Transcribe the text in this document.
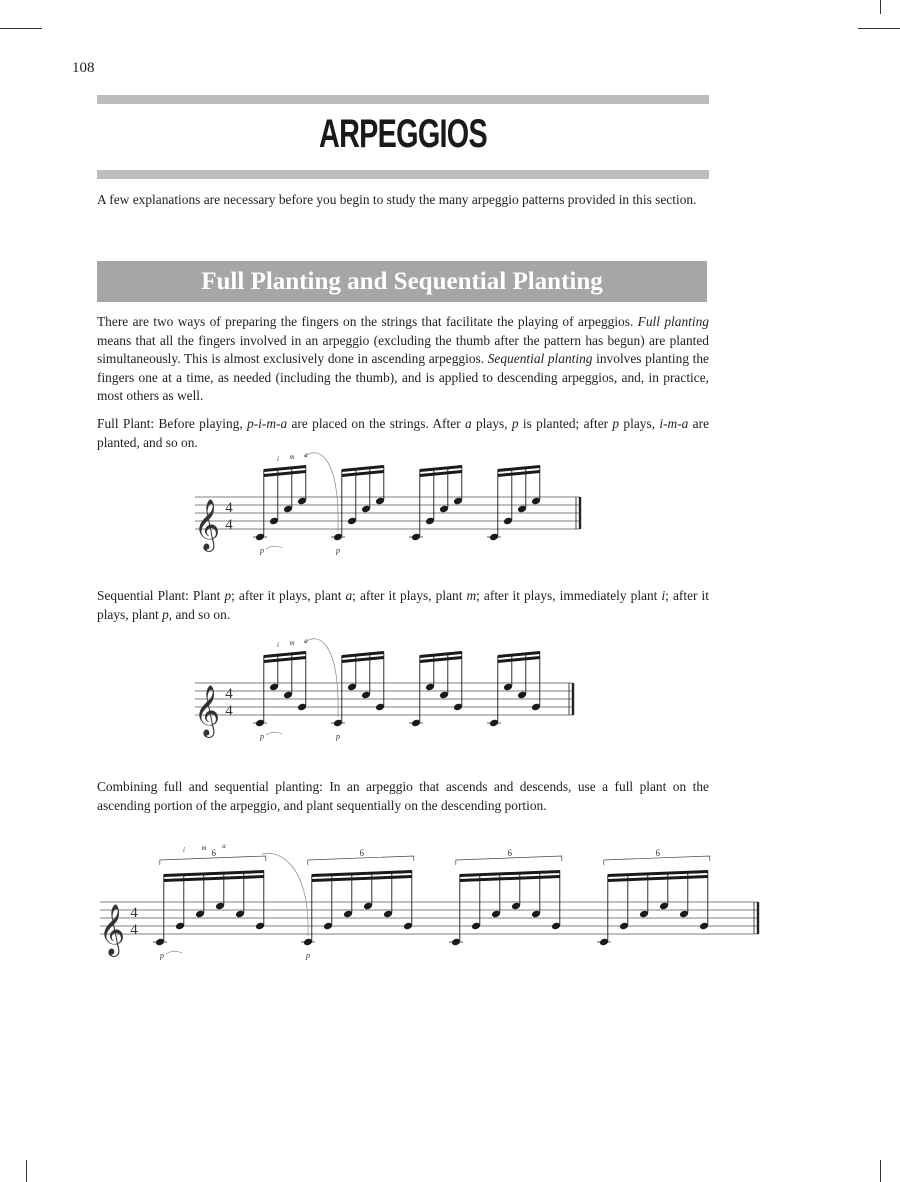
108
ARPEGGIOS

A few explanations are necessary before you begin to study the many arpeggio patterns provided in this section.

Full Planting and Sequential Planting

There are two ways of preparing the fingers on the strings that facilitate the playing of arpeggios. Full planting means that all the fingers involved in an arpeggio (excluding the thumb after the pattern has begun) are planted simultaneously. This is almost exclusively done in ascending arpeggios. Sequential planting involves planting the fingers one at a time, as needed (including the thumb), and is applied to descending arpeggios, and, in practice, most others as well.

Full Plant: Before playing, p-i-m-a are placed on the strings. After a plays, p is planted; after p plays, i-m-a are planted, and so on.

𝄞 4
4
p
i m a
p

Sequential Plant: Plant p; after it plays, plant a; after it plays, plant m; after it plays, immediately plant i; after it plays, plant p, and so on.

𝄞 4
4
p
i m a
p

Combining full and sequential planting: In an arpeggio that ascends and descends, use a full plant on the ascending portion of the arpeggio, and plant sequentially on the descending portion.

𝄞 4
4
6
p
i m a
6
p
6	6
